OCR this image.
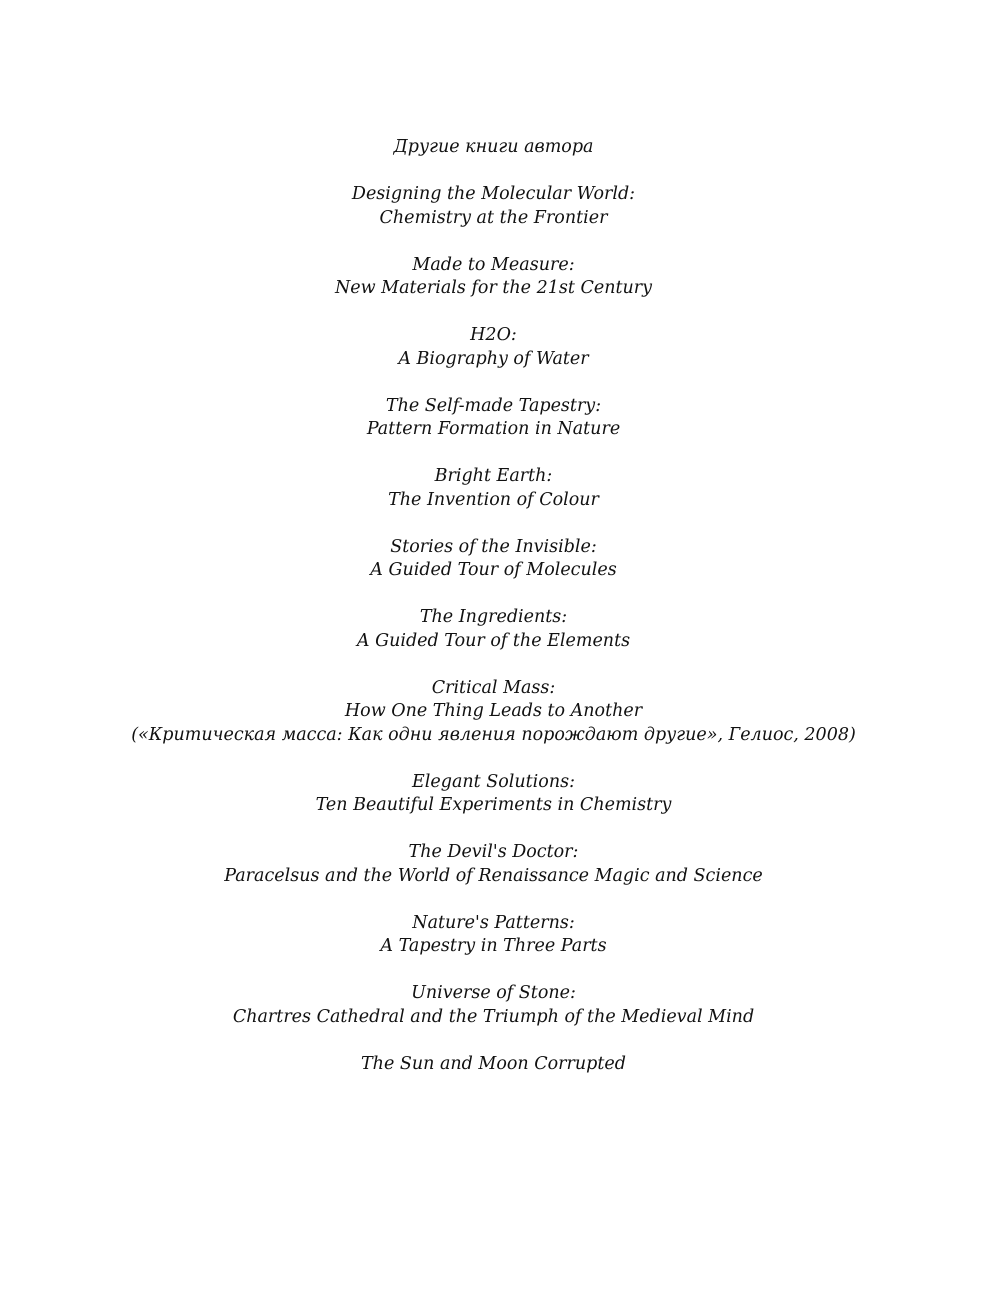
Другие книги автора
Designing the Molecular World:
Chemistry at the Frontier
Made to Measure:
New Materials for the 21st Century
H2O:
A Biography of Water
The Self-made Tapestry:
Pattern Formation in Nature
Bright Earth:
The Invention of Colour
Stories of the Invisible:
A Guided Tour of Molecules
The Ingredients:
A Guided Tour of the Elements
Critical Mass:
How One Thing Leads to Another
(«Критическая масса: Как одни явления порождают другие», Гелиос, 2008)
Elegant Solutions:
Ten Beautiful Experiments in Chemistry
The Devil's Doctor:
Paracelsus and the World of Renaissance Magic and Science
Nature's Patterns:
A Tapestry in Three Parts
Universe of Stone:
Chartres Cathedral and the Triumph of the Medieval Mind
The Sun and Moon Corrupted
